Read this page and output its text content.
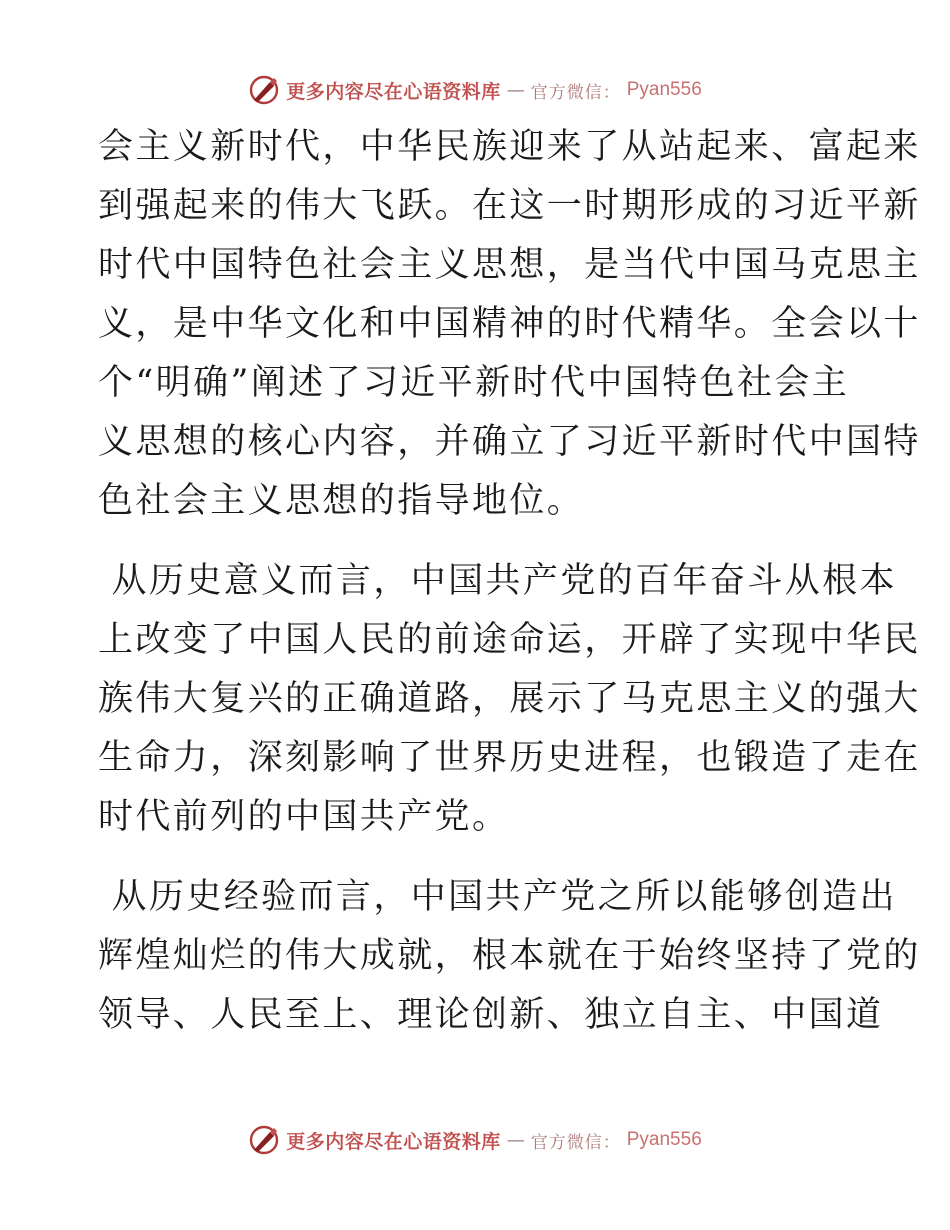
更多内容尽在心语资料库 — 官方微信： Pyan556
会主义新时代，中华民族迎来了从站起来、富起来
到强起来的伟大飞跃。在这一时期形成的习近平新
时代中国特色社会主义思想，是当代中国马克思主
义，是中华文化和中国精神的时代精华。全会以十
个“明确”阐述了习近平新时代中国特色社会主
义思想的核心内容，并确立了习近平新时代中国特
色社会主义思想的指导地位。
从历史意义而言，中国共产党的百年奋斗从根本
上改变了中国人民的前途命运，开辟了实现中华民
族伟大复兴的正确道路，展示了马克思主义的强大
生命力，深刻影响了世界历史进程，也锻造了走在
时代前列的中国共产党。
从历史经验而言，中国共产党之所以能够创造出
辉煌灿烂的伟大成就，根本就在于始终坚持了党的
领导、人民至上、理论创新、独立自主、中国道
更多内容尽在心语资料库 — 官方微信： Pyan556
